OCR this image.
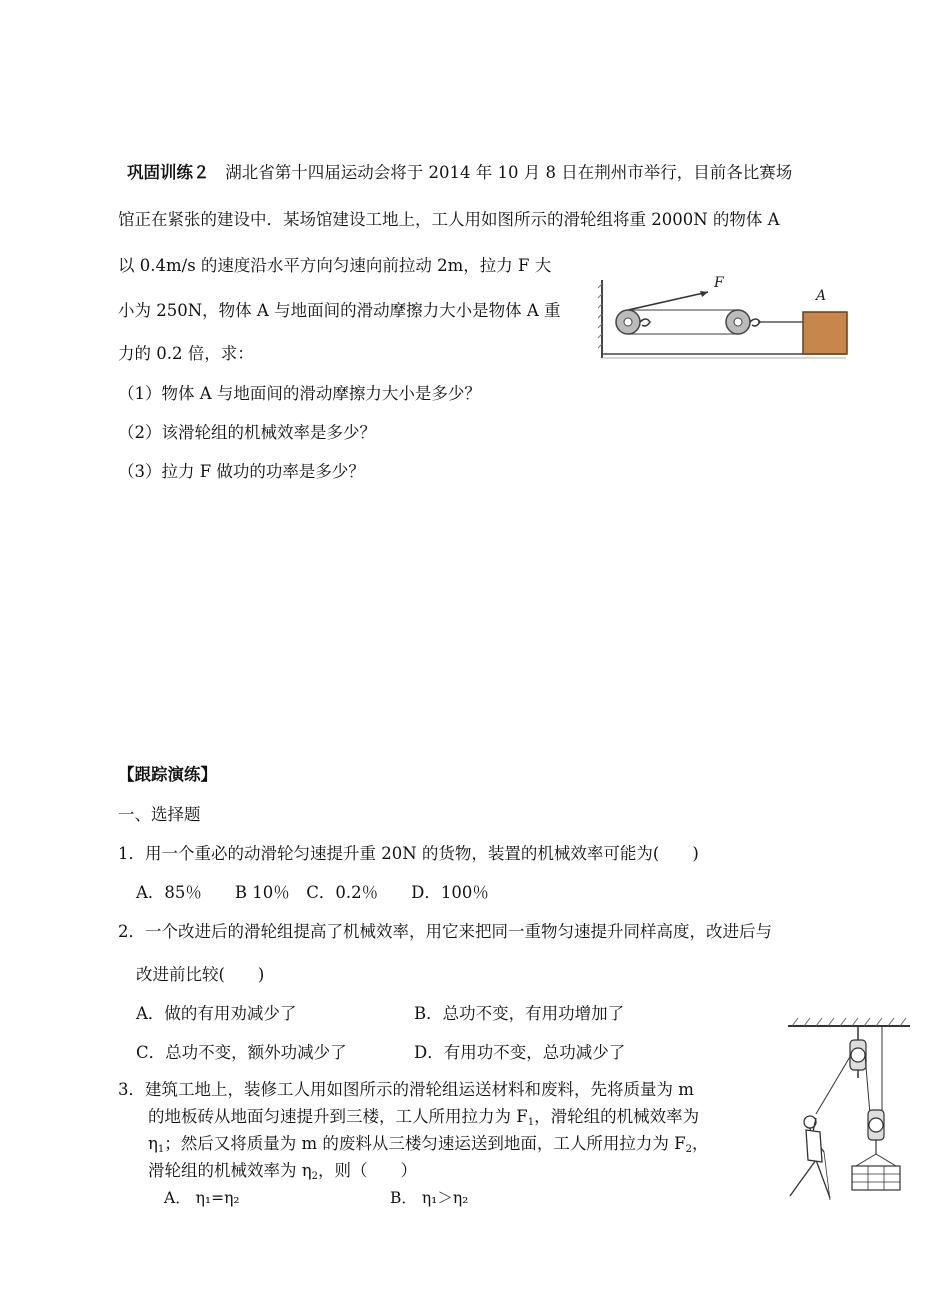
巩固训练２ 湖北省第十四届运动会将于 2014 年 10 月 8 日在荆州市举行，目前各比赛场
馆正在紧张的建设中．某场馆建设工地上，工人用如图所示的滑轮组将重 2000N 的物体 A
以 0.4m/s 的速度沿水平方向匀速向前拉动 2m，拉力 F 大
小为 250N，物体 A 与地面间的滑动摩擦力大小是物体 A 重
力的 0.2 倍，求：
（1）物体 A 与地面间的滑动摩擦力大小是多少？
（2）该滑轮组的机械效率是多少？
（3）拉力 F 做功的功率是多少？
F
A
【跟踪演练】
一、选择题
1．用一个重必的动滑轮匀速提升重 20N 的货物，装置的机械效率可能为(　　)
A．85％　　B 10％　C．0.2％　　D．100％
2．一个改进后的滑轮组提高了机械效率，用它来把同一重物匀速提升同样高度，改进后与
改进前比较(　　)
A．做的有用劝减少了	B．总功不变，有用功增加了
C．总功不变，额外功减少了	D．有用功不变，总功减少了
3．建筑工地上，装修工人用如图所示的滑轮组运送材料和废料，先将质量为 m
的地板砖从地面匀速提升到三楼，工人所用拉力为 $F_1$，滑轮组的机械效率为
$\eta_1$；然后又将质量为 m 的废料从三楼匀速运送到地面，工人所用拉力为 $F_2$，
滑轮组的机械效率为 $\eta_2$，则（　　）
A． η₁=η₂	B． η₁＞η₂
